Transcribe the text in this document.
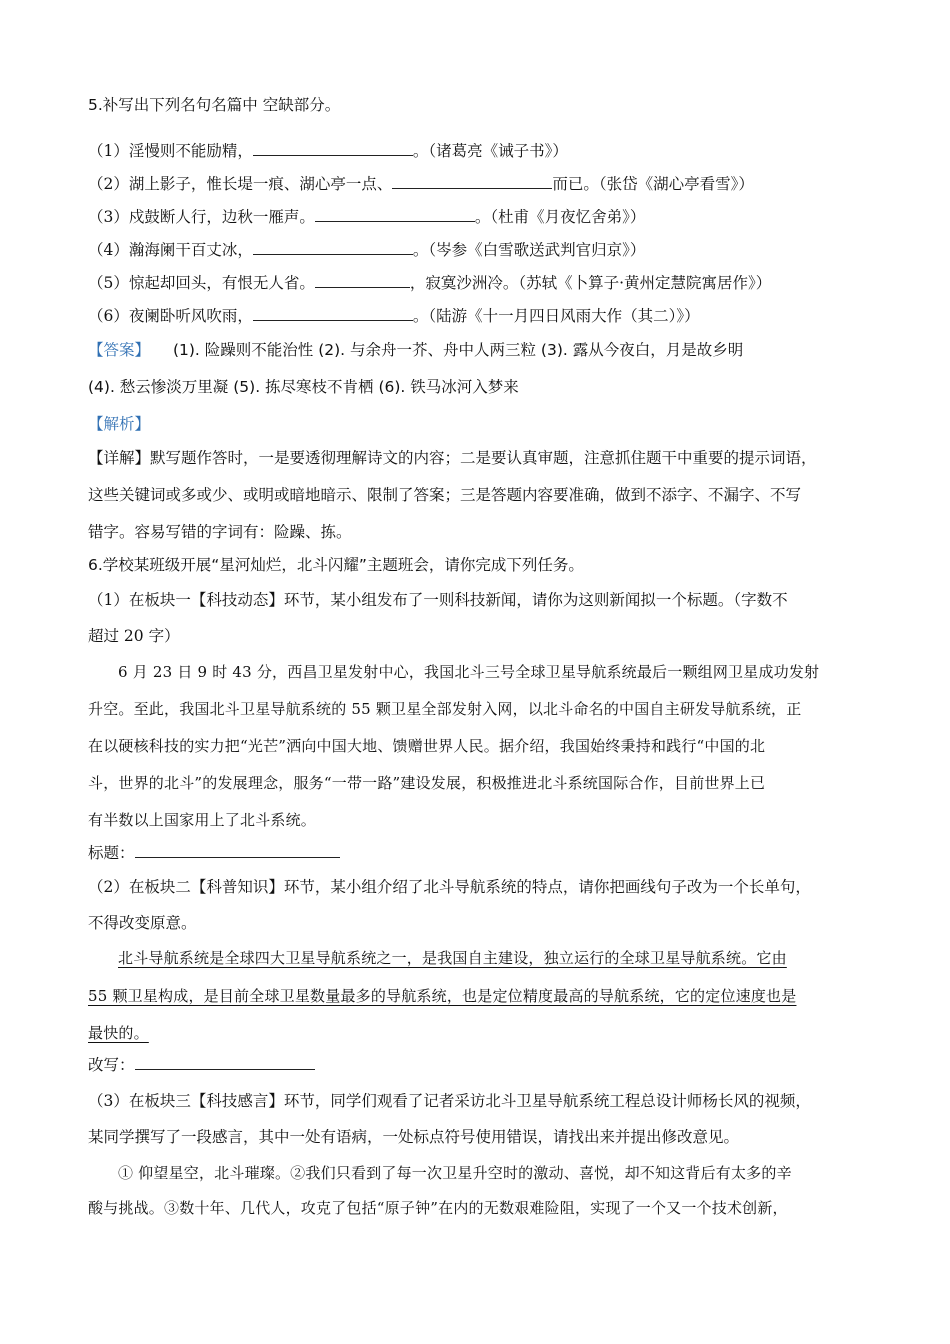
5.补写出下列名句名篇中 空缺部分。
（1）淫慢则不能励精，	。（诸葛亮《诫子书》）
（2）湖上影子，惟长堤一痕、湖心亭一点、	而已。（张岱《湖心亭看雪》）
（3）戍鼓断人行，边秋一雁声。	。（杜甫《月夜忆舍弟》）
（4）瀚海阑干百丈冰，	。（岑参《白雪歌送武判官归京》）
（5）惊起却回头，有恨无人省。	，寂寞沙洲冷。（苏轼《卜算子·黄州定慧院寓居作》）
（6）夜阑卧听风吹雨，	。（陆游《十一月四日风雨大作（其二）》）
【答案】 (1). 险躁则不能治性 (2). 与余舟一芥、舟中人两三粒 (3). 露从今夜白，月是故乡明
(4). 愁云惨淡万里凝 (5). 拣尽寒枝不肯栖 (6). 铁马冰河入梦来
【解析】
【详解】默写题作答时，一是要透彻理解诗文的内容；二是要认真审题，注意抓住题干中重要的提示词语，
这些关键词或多或少、或明或暗地暗示、限制了答案；三是答题内容要准确，做到不添字、不漏字、不写
错字。容易写错的字词有：险躁、拣。
6.学校某班级开展“星河灿烂，北斗闪耀”主题班会，请你完成下列任务。
（1）在板块一【科技动态】环节，某小组发布了一则科技新闻，请你为这则新闻拟一个标题。（字数不
超过 20 字）
6 月 23 日 9 时 43 分，西昌卫星发射中心，我国北斗三号全球卫星导航系统最后一颗组网卫星成功发射
升空。至此，我国北斗卫星导航系统的 55 颗卫星全部发射入网，以北斗命名的中国自主研发导航系统，正
在以硬核科技的实力把“光芒”洒向中国大地、馈赠世界人民。据介绍，我国始终秉持和践行“中国的北
斗，世界的北斗”的发展理念，服务“一带一路”建设发展，积极推进北斗系统国际合作，目前世界上已
有半数以上国家用上了北斗系统。
标题：
（2）在板块二【科普知识】环节，某小组介绍了北斗导航系统的特点，请你把画线句子改为一个长单句，
不得改变原意。
北斗导航系统是全球四大卫星导航系统之一，是我国自主建设，独立运行的全球卫星导航系统。它由
55 颗卫星构成，是目前全球卫星数量最多的导航系统，也是定位精度最高的导航系统，它的定位速度也是
最快的。
改写：
（3）在板块三【科技感言】环节，同学们观看了记者采访北斗卫星导航系统工程总设计师杨长风的视频，
某同学撰写了一段感言，其中一处有语病，一处标点符号使用错误，请找出来并提出修改意见。
① 仰望星空，北斗璀璨。②我们只看到了每一次卫星升空时的激动、喜悦，却不知这背后有太多的辛
酸与挑战。③数十年、几代人，攻克了包括“原子钟”在内的无数艰难险阻，实现了一个又一个技术创新，
